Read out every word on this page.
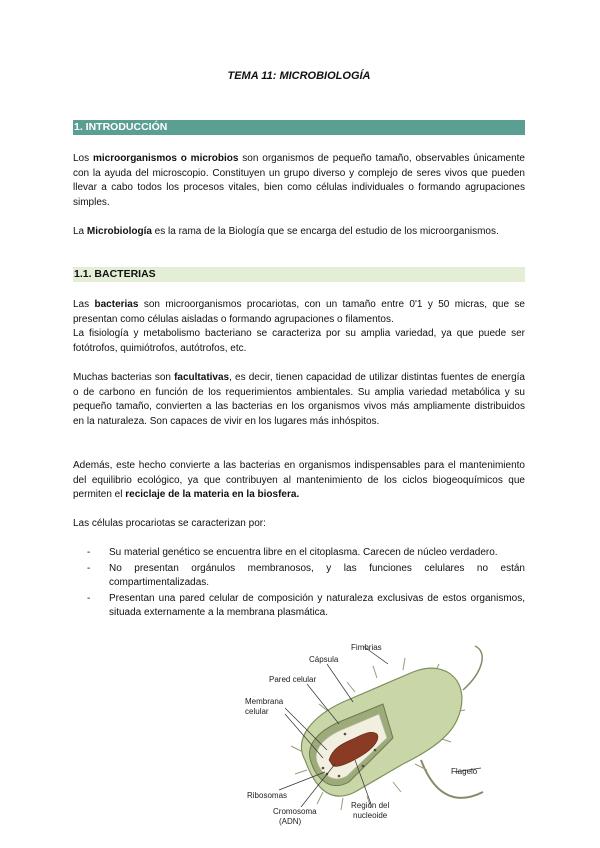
TEMA 11: MICROBIOLOGÍA
1. INTRODUCCIÓN

Los microorganismos o microbios son organismos de pequeño tamaño, observables únicamente con la ayuda del microscopio. Constituyen un grupo diverso y complejo de seres vivos que pueden llevar a cabo todos los procesos vitales, bien como células individuales o formando agrupaciones simples.

La Microbiología es la rama de la Biología que se encarga del estudio de los microorganismos.

1.1. BACTERIAS

Las bacterias son microorganismos procariotas, con un tamaño entre 0'1 y 50 micras, que se presentan como células aisladas o formando agrupaciones o filamentos.

La fisiología y metabolismo bacteriano se caracteriza por su amplia variedad, ya que puede ser fotótrofos, quimiótrofos, autótrofos, etc.

Muchas bacterias son facultativas, es decir, tienen capacidad de utilizar distintas fuentes de energía o de carbono en función de los requerimientos ambientales. Su amplia variedad metabólica y su pequeño tamaño, convierten a las bacterias en los organismos vivos más ampliamente distribuidos en la naturaleza. Son capaces de vivir en los lugares más inhóspitos.

Además, este hecho convierte a las bacterias en organismos indispensables para el mantenimiento del equilibrio ecológico, ya que contribuyen al mantenimiento de los ciclos biogeoquímicos que permiten el reciclaje de la materia en la biosfera.

Las células procariotas se caracterizan por:

- Su material genético se encuentra libre en el citoplasma. Carecen de núcleo verdadero.
- No presentan orgánulos membranosos, y las funciones celulares no están compartimentalizadas.
- Presentan una pared celular de composición y naturaleza exclusivas de estos organismos, situada externamente a la membrana plasmática.
Fimbrias
Cápsula
Pared celular
Membrana
celular
Flagelo
Ribosomas
Cromosoma
(ADN)
Región del
nucleoide
